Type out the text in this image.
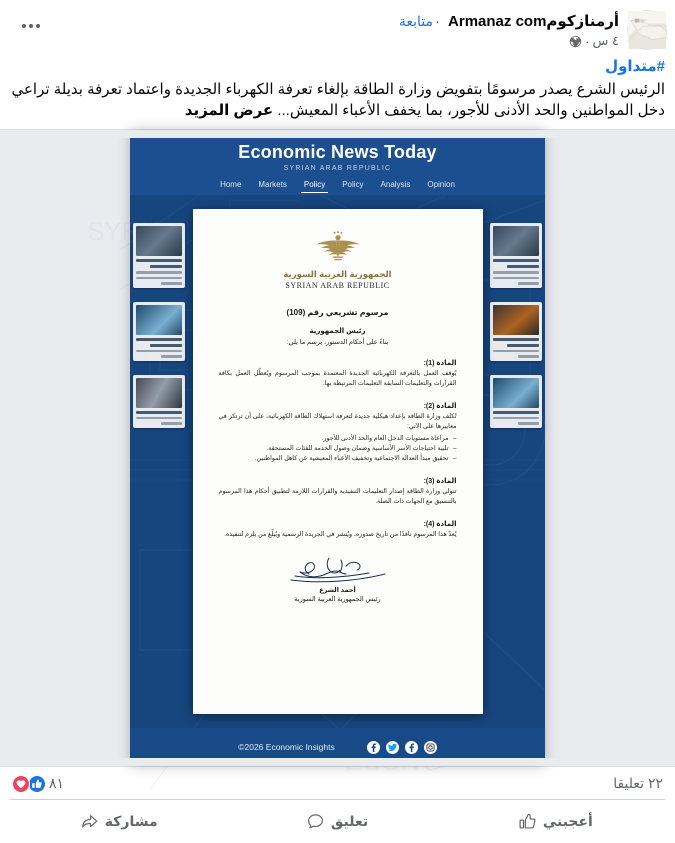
أرمنازكومArmanaz com·متابعة
٤ س
·
#متداول
الرئيس الشرع يصدر مرسومًا بتفويض وزارة الطاقة بإلغاء تعرفة الكهرباء الجديدة واعتماد تعرفة بديلة تراعي دخل المواطنين والحد الأدنى للأجور، بما يخفف الأعباء المعيش... عرض المزيد
SYRIA
Economic News Today
SYRIAN ARAB REPUBLIC
Home Markets Policy Policy Analysis Opinion
الجمهورية العربية السورية
SYRIAN ARAB REPUBLIC
مرسوم تشريعي رقم (109)
رئيس الجمهورية
بناءً على أحكام الدستور، يرسم ما يلي:
المادة (1):
يُوقف العمل بالتعرفة الكهربائية الجديدة المعتمدة بموجب المرسوم ويُعطّل العمل بكافة القرارات والتعليمات السابقة التعليمات المرتبطة بها.
المادة (2):
تُكلف وزارة الطاقة بإعداد هيكلية جديدة لتعرفة استهلاك الطاقة الكهربائية، على أن ترتكز في معاييرها على الآتي:
– مراعاة مستويات الدخل العام والحد الأدنى للأجور.
– تلبية احتياجات الأسر الأساسية وضمان وصول الخدمة للفئات المستحقة.
– تحقيق مبدأ العدالة الاجتماعية وتخفيف الأعباء المعيشية عن كاهل المواطنين.
المادة (3):
تتولى وزارة الطاقة إصدار التعليمات التنفيذية والقرارات اللازمة لتطبيق أحكام هذا المرسوم بالتنسيق مع الجهات ذات الصلة.
المادة (4):
يُعدّ هذا المرسوم نافذًا من تاريخ صدوره، ويُنشر في الجريدة الرسمية ويُبلّغ من يلزم لتنفيذه.
أحمد الشرع
رئيس الجمهورية العربية السورية
©2026 Economic Insights
٢٢ تعليقا
٨١
أعجبني
تعليق
مشاركة
